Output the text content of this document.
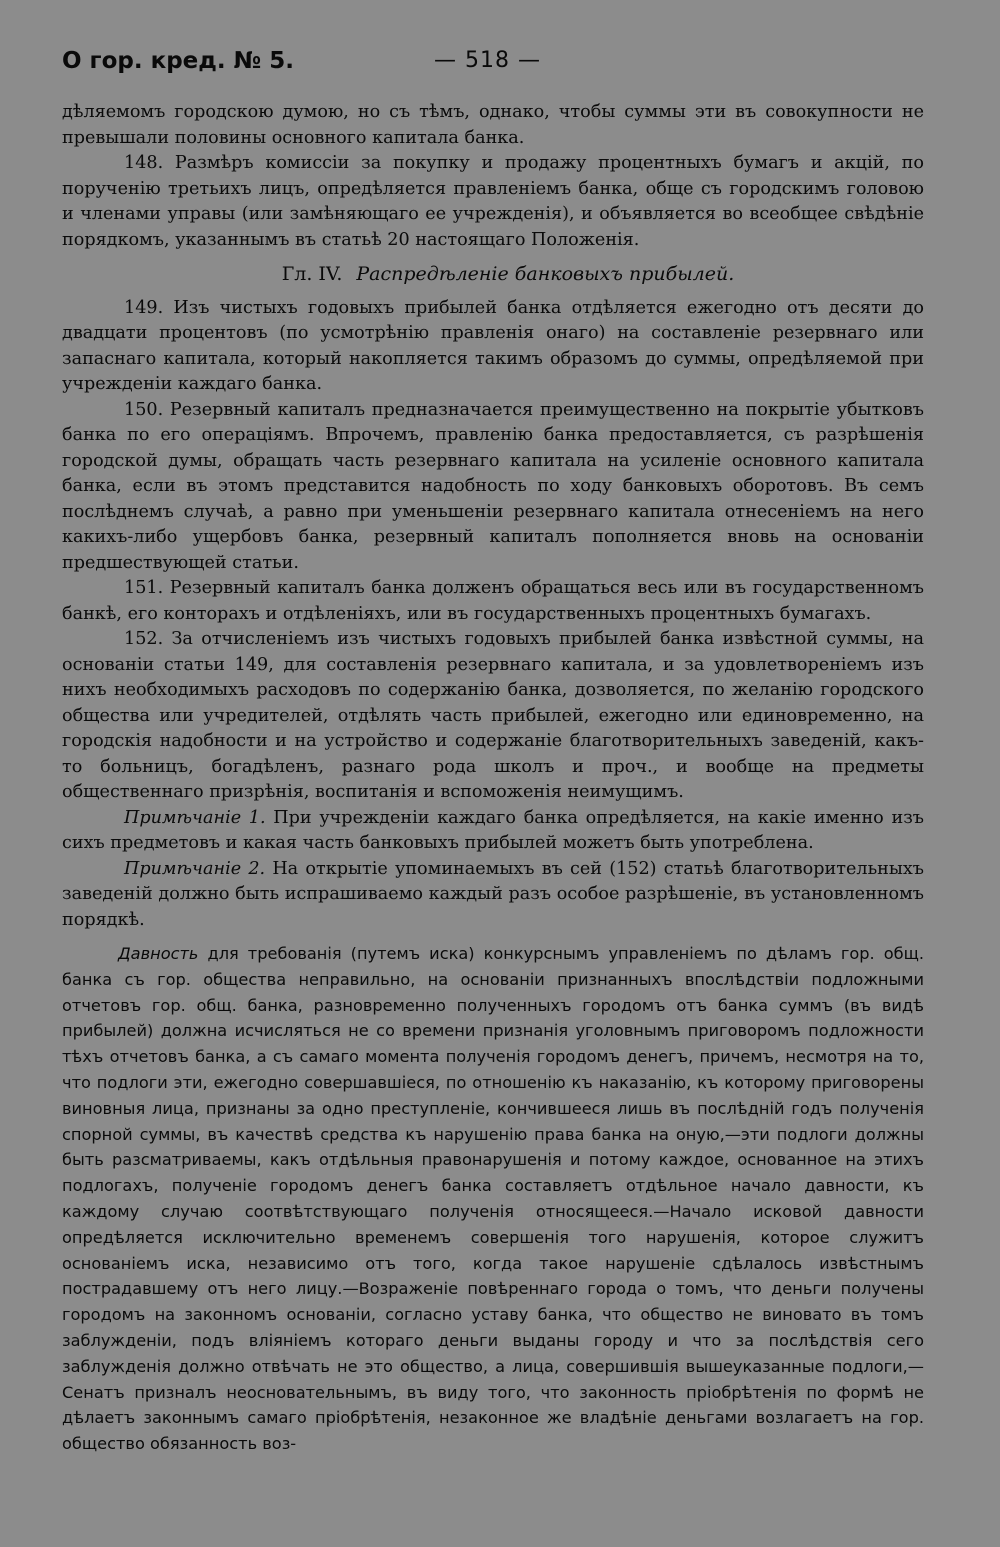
О гор. кред. № 5.	— 518 —

дѣляемомъ городскою думою, но съ тѣмъ, однако, чтобы суммы эти въ совокупности не превышали половины основного капитала банка.

148. Размѣръ комиссіи за покупку и продажу процентныхъ бумагъ и акцій, по порученію третьихъ лицъ, опредѣляется правленіемъ банка, обще съ городскимъ головою и членами управы (или замѣняющаго ее учрежденія), и объявляется во всеобщее свѣдѣніе порядкомъ, указаннымъ въ статьѣ 20 настоящаго Положенія.

Гл. IV. Распредѣленіе банковыхъ прибылей.

149. Изъ чистыхъ годовыхъ прибылей банка отдѣляется ежегодно отъ десяти до двадцати процентовъ (по усмотрѣнію правленія онаго) на составленіе резервнаго или запаснаго капитала, который накопляется такимъ образомъ до суммы, опредѣляемой при учрежденіи каждаго банка.

150. Резервный капиталъ предназначается преимущественно на покрытіе убытковъ банка по его операціямъ. Впрочемъ, правленію банка предоставляется, съ разрѣшенія городской думы, обращать часть резервнаго капитала на усиленіе основного капитала банка, если въ этомъ представится надобность по ходу банковыхъ оборотовъ. Въ семъ послѣднемъ случаѣ, а равно при уменьшеніи резервнаго капитала отнесеніемъ на него какихъ-либо ущербовъ банка, резервный капиталъ пополняется вновь на основаніи предшествующей статьи.

151. Резервный капиталъ банка долженъ обращаться весь или въ государственномъ банкѣ, его конторахъ и отдѣленіяхъ, или въ государственныхъ процентныхъ бумагахъ.

152. За отчисленіемъ изъ чистыхъ годовыхъ прибылей банка извѣстной суммы, на основаніи статьи 149, для составленія резервнаго капитала, и за удовлетвореніемъ изъ нихъ необходимыхъ расходовъ по содержанію банка, дозволяется, по желанію городского общества или учредителей, отдѣлять часть прибылей, ежегодно или единовременно, на городскія надобности и на устройство и содержаніе благотворительныхъ заведеній, какъ-то больницъ, богадѣленъ, разнаго рода школъ и проч., и вообще на предметы общественнаго призрѣнія, воспитанія и вспоможенія неимущимъ.

Примѣчаніе 1. При учрежденіи каждаго банка опредѣляется, на какіе именно изъ сихъ предметовъ и какая часть банковыхъ прибылей можетъ быть употреблена.

Примѣчаніе 2. На открытіе упоминаемыхъ въ сей (152) статьѣ благотворительныхъ заведеній должно быть испрашиваемо каждый разъ особое разрѣшеніе, въ установленномъ порядкѣ.

Давность для требованія (путемъ иска) конкурснымъ управленіемъ по дѣламъ гор. общ. банка съ гор. общества неправильно, на основаніи признанныхъ впослѣдствіи подложными отчетовъ гор. общ. банка, разновременно полученныхъ городомъ отъ банка суммъ (въ видѣ прибылей) должна исчисляться не со времени признанія уголовнымъ приговоромъ подложности тѣхъ отчетовъ банка, а съ самаго момента полученія городомъ денегъ, причемъ, несмотря на то, что подлоги эти, ежегодно совершавшіеся, по отношенію къ наказанію, къ которому приговорены виновныя лица, признаны за одно преступленіе, кончившееся лишь въ послѣдній годъ полученія спорной суммы, въ качествѣ средства къ нарушенію права банка на оную,—эти подлоги должны быть разсматриваемы, какъ отдѣльныя правонарушенія и потому каждое, основанное на этихъ подлогахъ, полученіе городомъ денегъ банка составляетъ отдѣльное начало давности, къ каждому случаю соотвѣтствующаго полученія относящееся.—Начало исковой давности опредѣляется исключительно временемъ совершенія того нарушенія, которое служитъ основаніемъ иска, независимо отъ того, когда такое нарушеніе сдѣлалось извѣстнымъ пострадавшему отъ него лицу.—Возраженіе повѣреннаго города о томъ, что деньги получены городомъ на законномъ основаніи, согласно уставу банка, что общество не виновато въ томъ заблужденіи, подъ вліяніемъ котораго деньги выданы городу и что за послѣдствія сего заблужденія должно отвѣчать не это общество, а лица, совершившія вышеуказанные подлоги,—Сенатъ призналъ неосновательнымъ, въ виду того, что законность пріобрѣтенія по формѣ не дѣлаетъ законнымъ самаго пріобрѣтенія, незаконное же владѣніе деньгами возлагаетъ на гор. общество обязанность воз-
